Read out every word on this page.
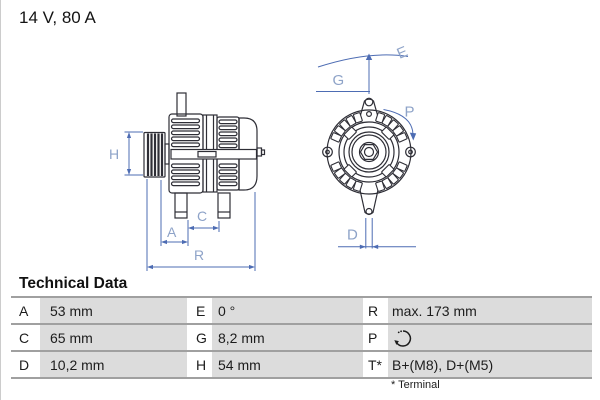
14 V, 80 A
H
A
C
R
E
G
P
D
Technical Data
A	53 mm	E 0 °	R max. 173 mm
C	65 mm	G 8,2 mm	P
D	10,2 mm	H 54 mm	T* B+(M8), D+(M5)
* Terminal
